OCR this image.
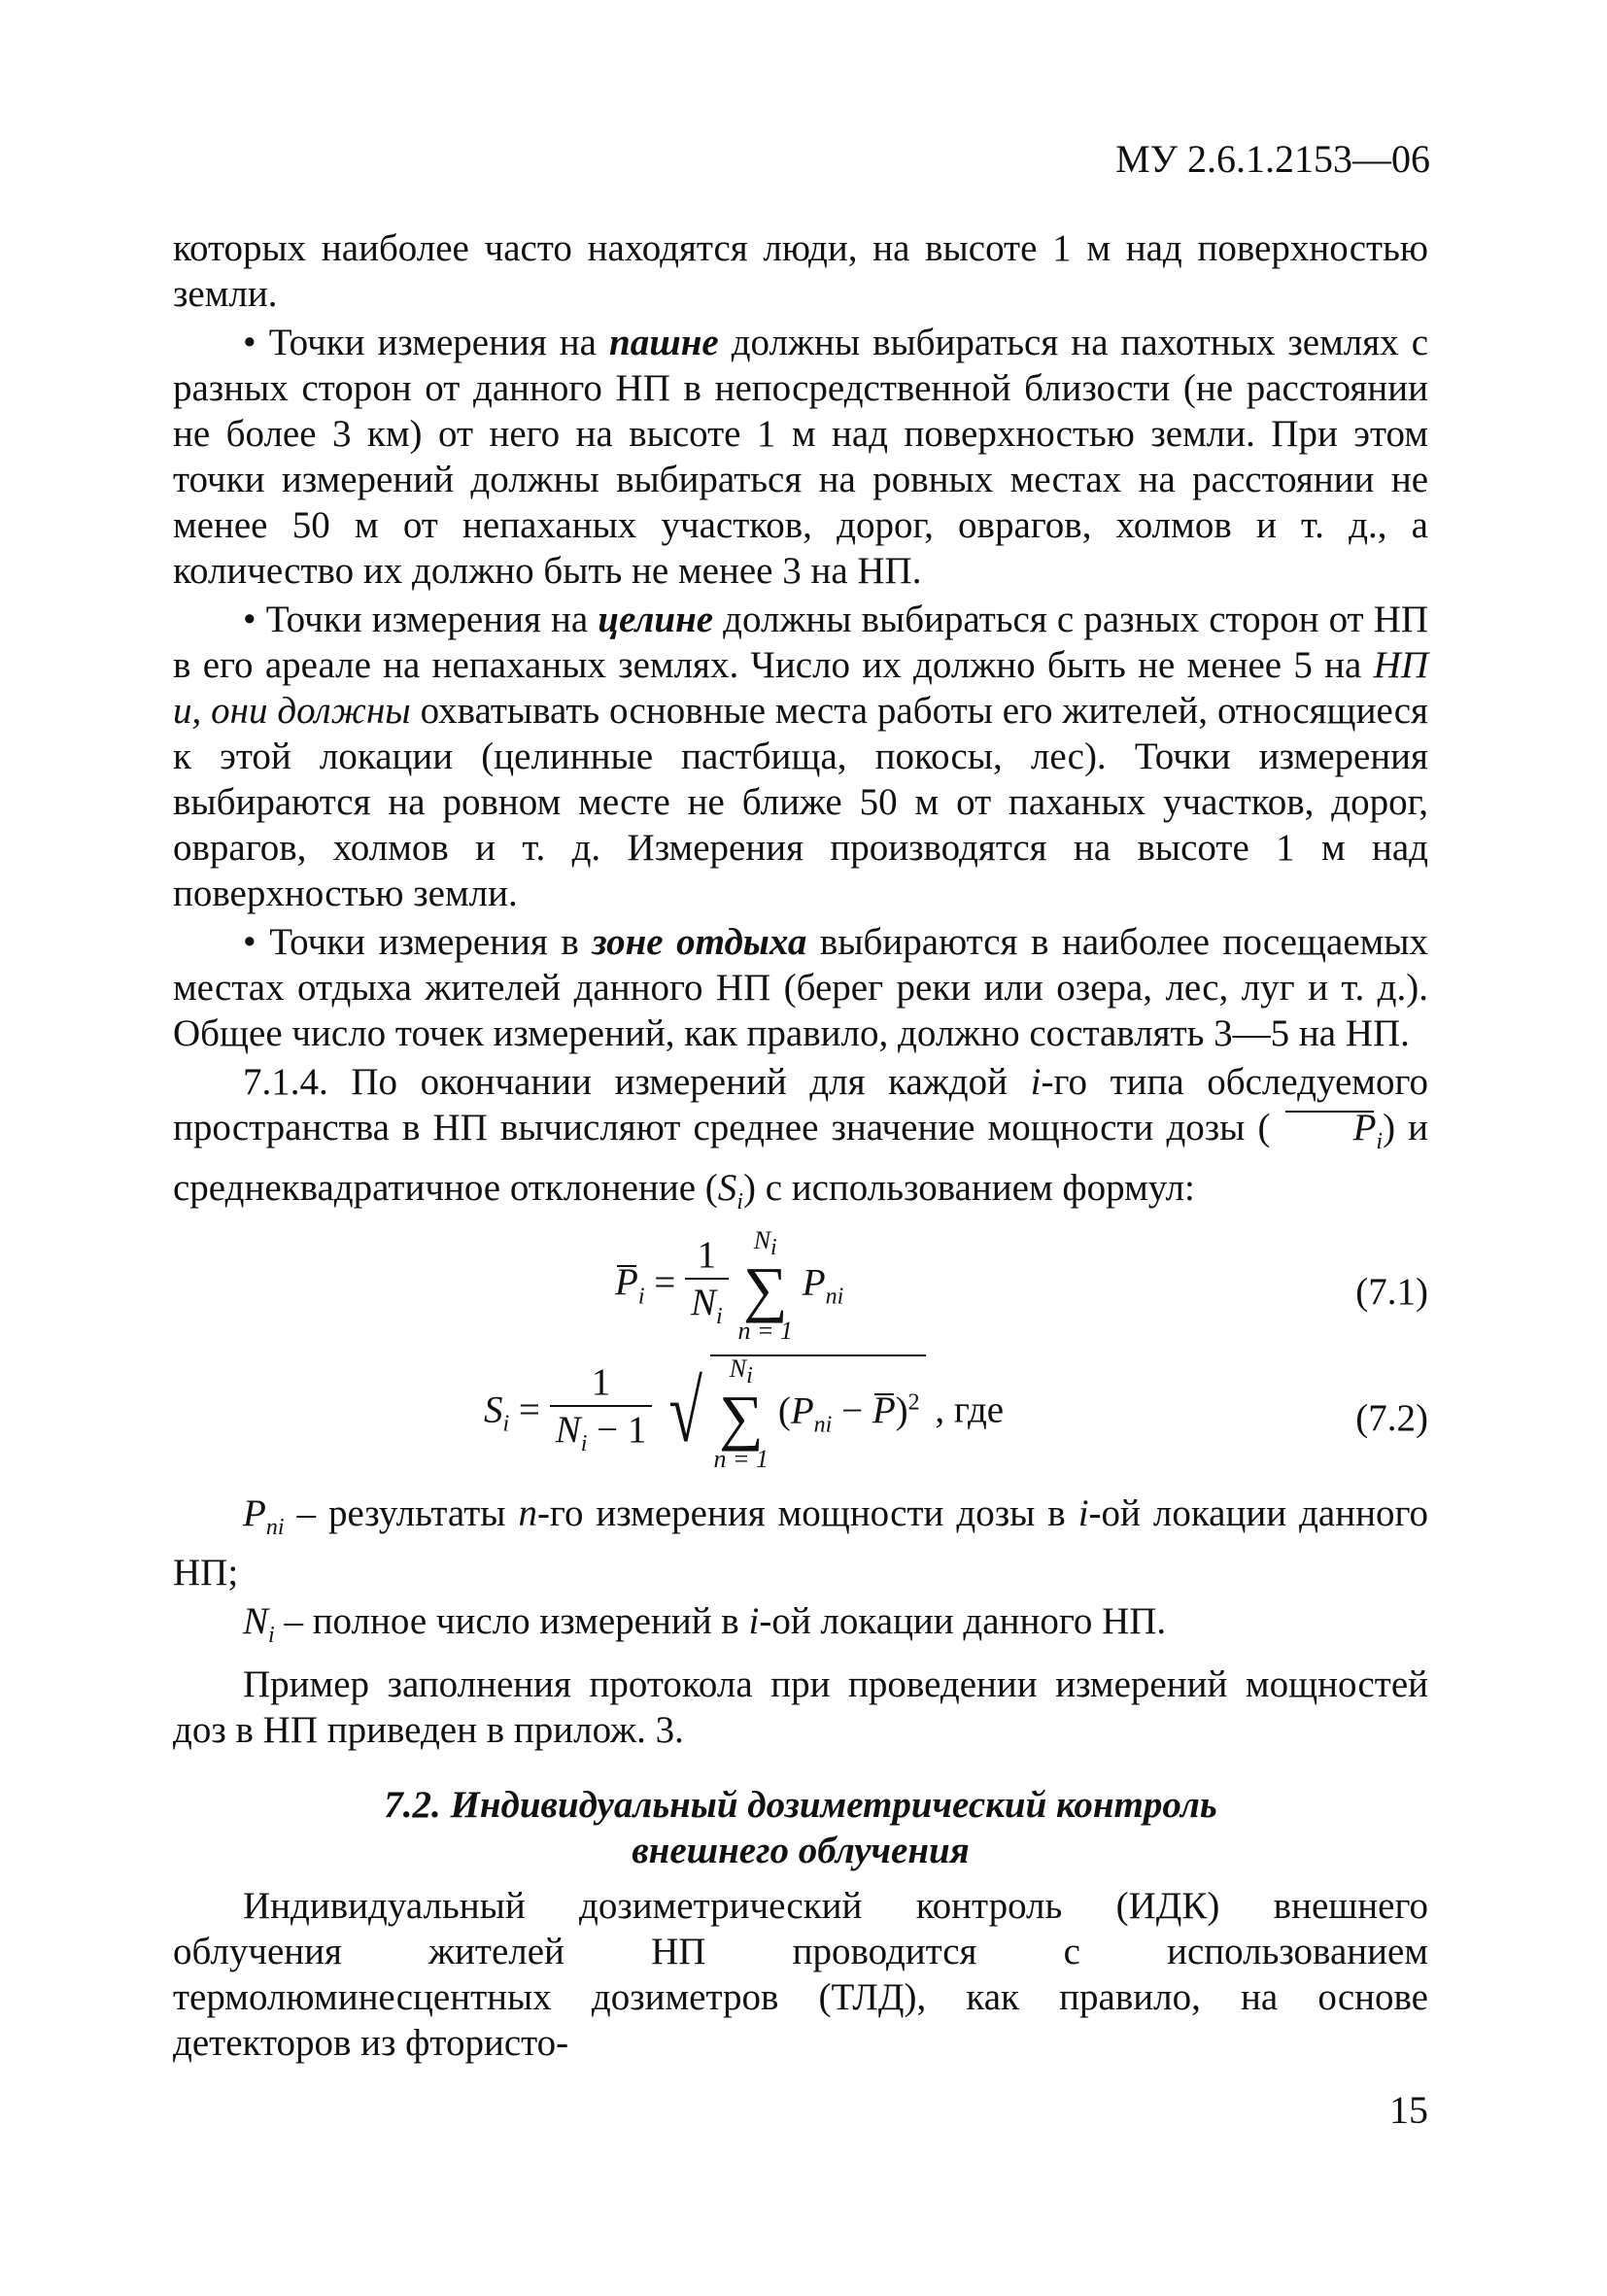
МУ 2.6.1.2153—06

которых наиболее часто находятся люди, на высоте 1 м над поверхностью земли.

• Точки измерения на пашне должны выбираться на пахотных землях с разных сторон от данного НП в непосредственной близости (не расстоянии не более 3 км) от него на высоте 1 м над поверхностью земли. При этом точки измерений должны выбираться на ровных местах на расстоянии не менее 50 м от непаханых участков, дорог, оврагов, холмов и т. д., а количество их должно быть не менее 3 на НП.

• Точки измерения на целине должны выбираться с разных сторон от НП в его ареале на непаханых землях. Число их должно быть не менее 5 на НП и, они должны охватывать основные места работы его жителей, относящиеся к этой локации (целинные пастбища, покосы, лес). Точки измерения выбираются на ровном месте не ближе 50 м от паханых участков, дорог, оврагов, холмов и т. д. Измерения производятся на высоте 1 м над поверхностью земли.

• Точки измерения в зоне отдыха выбираются в наиболее посещаемых местах отдыха жителей данного НП (берег реки или озера, лес, луг и т. д.). Общее число точек измерений, как правило, должно составлять 3—5 на НП.

7.1.4. По окончании измерений для каждой i-го типа обследуемого пространства в НП вычисляют среднее значение мощности дозы ( $P_i$) и среднеквадратичное отклонение $(S_i)$ с использованием формул:

$P_i = \frac{1}{N_i}$
$N_i$
∑
n = 1
$P_{ni}$	(7.1)
$S_i = \frac{1}{N_i - 1}$ √ $N_i$
∑
n = 1
$(P_{ni} - P)^2$ , где	(7.2)

$P_{ni}$ – результаты n-го измерения мощности дозы в i-ой локации данного НП;

$N_i$ – полное число измерений в i-ой локации данного НП.

Пример заполнения протокола при проведении измерений мощностей доз в НП приведен в прилож. 3.

7.2. Индивидуальный дозиметрический контроль
внешнего облучения

Индивидуальный дозиметрический контроль (ИДК) внешнего облучения жителей НП проводится с использованием термолюминесцентных дозиметров (ТЛД), как правило, на основе детекторов из фтористо-

15
